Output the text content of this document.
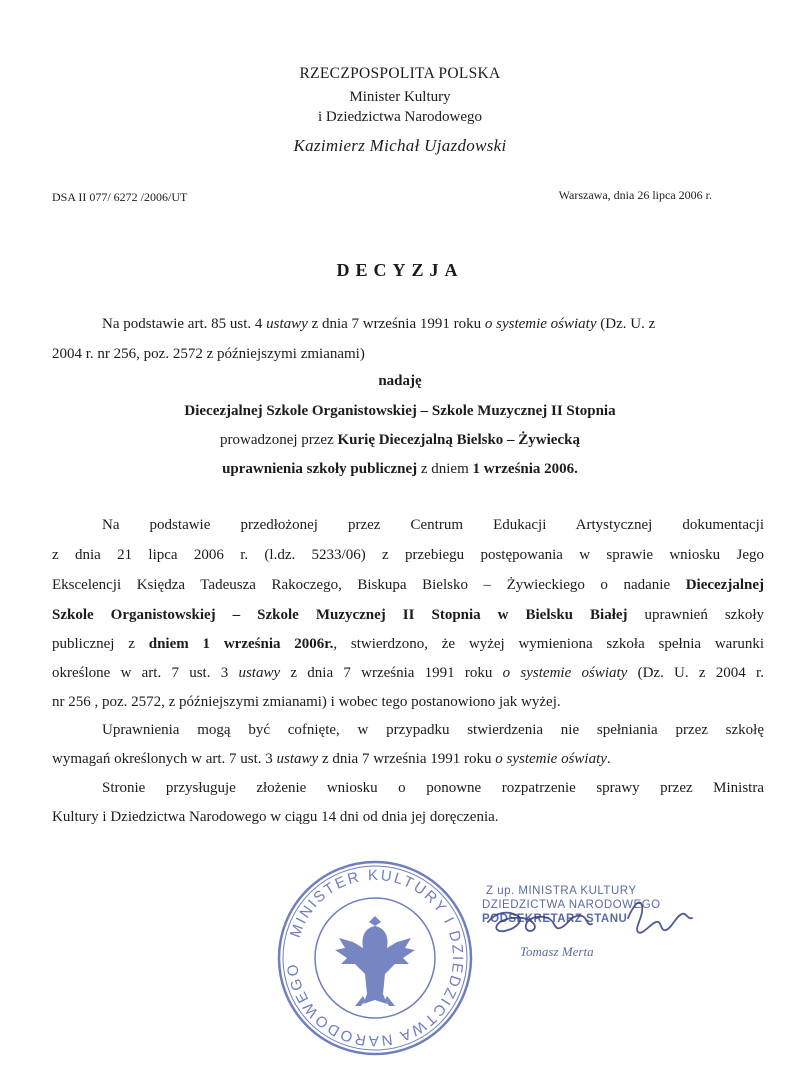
RZECZPOSPOLITA POLSKA
Minister Kultury
i Dziedzictwa Narodowego
Kazimierz Michał Ujazdowski
DSA II 077/ 6272 /2006/UT	Warszawa, dnia 26 lipca 2006 r.
DECYZJA
Na podstawie art. 85 ust. 4 ustawy z dnia 7 września 1991 roku o systemie oświaty (Dz. U. z
2004 r. nr 256, poz. 2572 z późniejszymi zmianami)
nadaję
Diecezjalnej Szkole Organistowskiej – Szkole Muzycznej II Stopnia
prowadzonej przez Kurię Diecezjalną Bielsko – Żywiecką
uprawnienia szkoły publicznej z dniem 1 września 2006.
Na podstawie przedłożonej przez Centrum Edukacji Artystycznej dokumentacji
z dnia 21 lipca 2006 r. (l.dz. 5233/06) z przebiegu postępowania w sprawie wniosku Jego
Ekscelencji Księdza Tadeusza Rakoczego, Biskupa Bielsko – Żywieckiego o nadanie Diecezjalnej
Szkole Organistowskiej – Szkole Muzycznej II Stopnia w Bielsku Białej uprawnień szkoły
publicznej z dniem 1 września 2006r., stwierdzono, że wyżej wymieniona szkoła spełnia warunki
określone w art. 7 ust. 3 ustawy z dnia 7 września 1991 roku o systemie oświaty (Dz. U. z 2004 r.
nr 256 , poz. 2572, z późniejszymi zmianami) i wobec tego postanowiono jak wyżej.
Uprawnienia mogą być cofnięte, w przypadku stwierdzenia nie spełniania przez szkołę
wymagań określonych w art. 7 ust. 3 ustawy z dnia 7 września 1991 roku o systemie oświaty.
Stronie przysługuje złożenie wniosku o ponowne rozpatrzenie sprawy przez Ministra
Kultury i Dziedzictwa Narodowego w ciągu 14 dni od dnia jej doręczenia.
MINISTER KULTURY I DZIEDZICTWA NARODOWEGO
Z up. MINISTRA KULTURY
DZIEDZICTWA NARODOWEGO
PODSEKRETARZ STANU
Tomasz Merta
